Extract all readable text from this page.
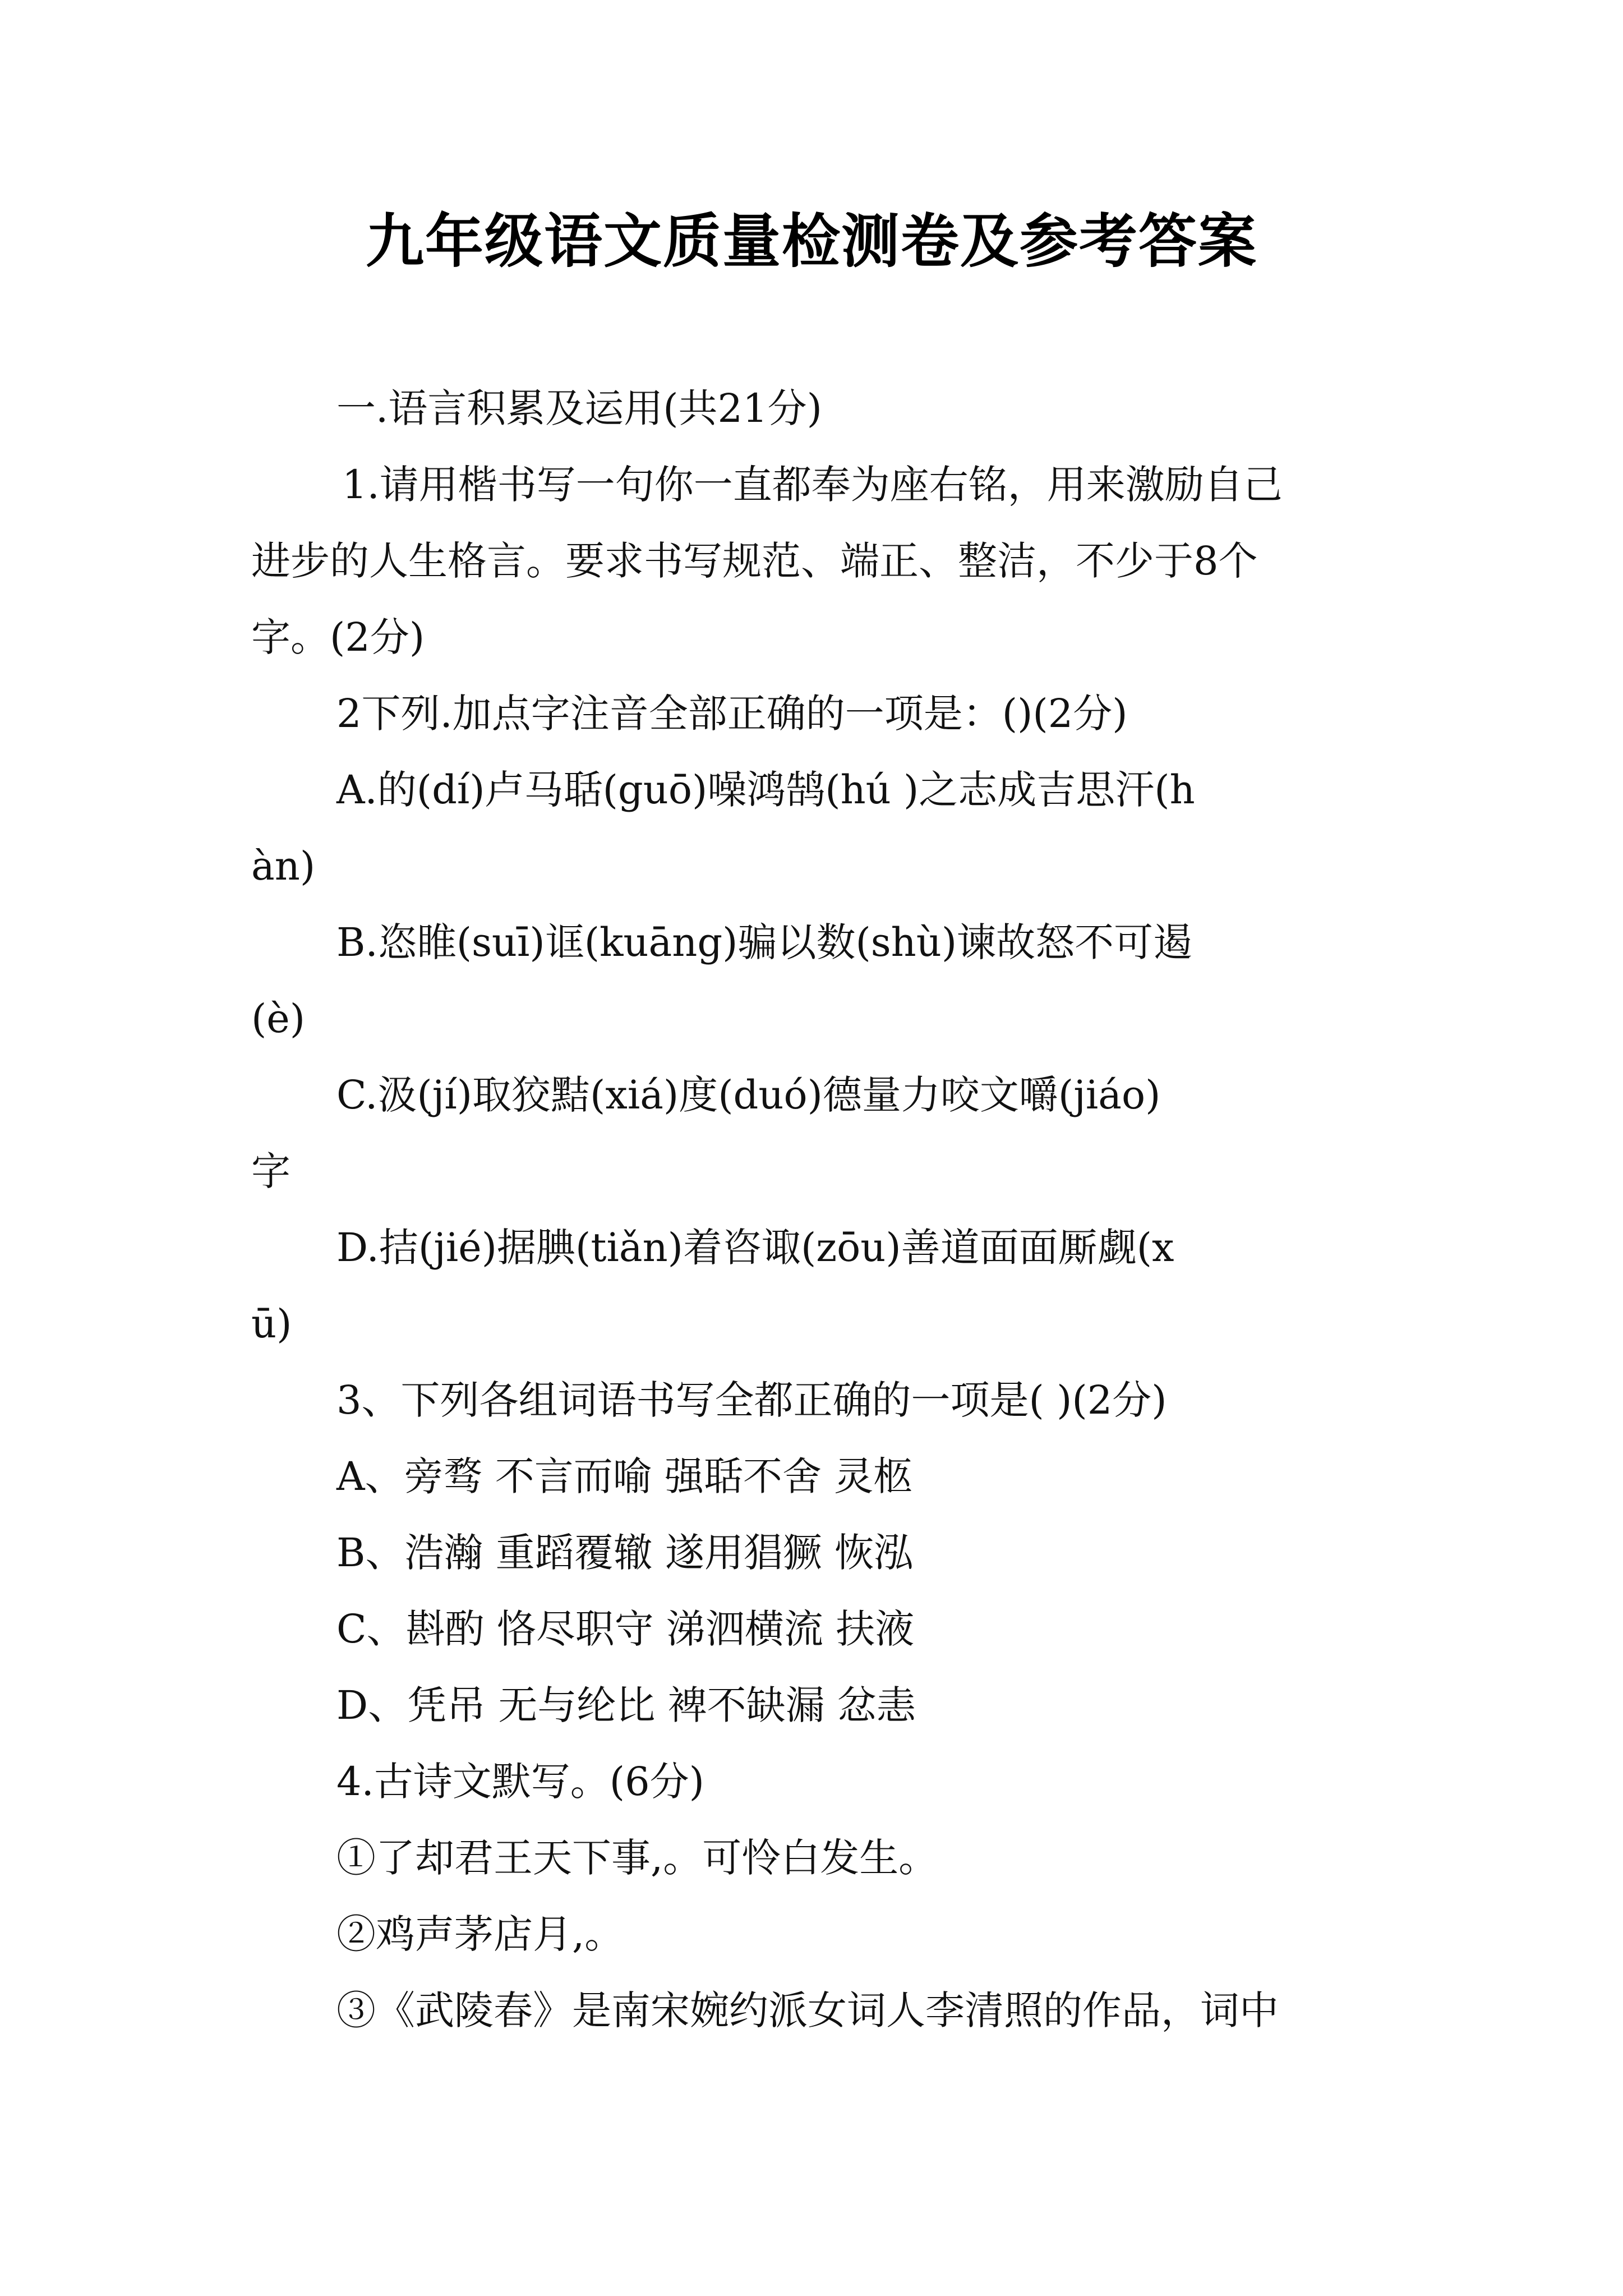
九年级语文质量检测卷及参考答案
一.语言积累及运用(共21分)
1.请用楷书写一句你一直都奉为座右铭，用来激励自己
进步的人生格言。要求书写规范、端正、整洁，不少于8个
字。(2分)
2下列.加点字注音全部正确的一项是：()(2分)
A.的(dí)卢马聒(guō)噪鸿鹄(hú )之志成吉思汗(h
àn)
B.恣睢(suī)诓(kuāng)骗以数(shù)谏故怒不可遏
(è)
C.汲(jí)取狡黠(xiá)度(duó)德量力咬文嚼(jiáo)
字
D.拮(jié)据腆(tiǎn)着咨诹(zōu)善道面面厮觑(x
ū)
3、下列各组词语书写全都正确的一项是( )(2分)
A、旁骛 不言而喻 强聒不舍 灵柩
B、浩瀚 重蹈覆辙 遂用猖獗 恢泓
C、斟酌 恪尽职守 涕泗横流 扶液
D、凭吊 无与纶比 裨不缺漏 忿恚
4.古诗文默写。(6分)
①了却君王天下事,。可怜白发生。
②鸡声茅店月,。
③《武陵春》是南宋婉约派女词人李清照的作品，词中
